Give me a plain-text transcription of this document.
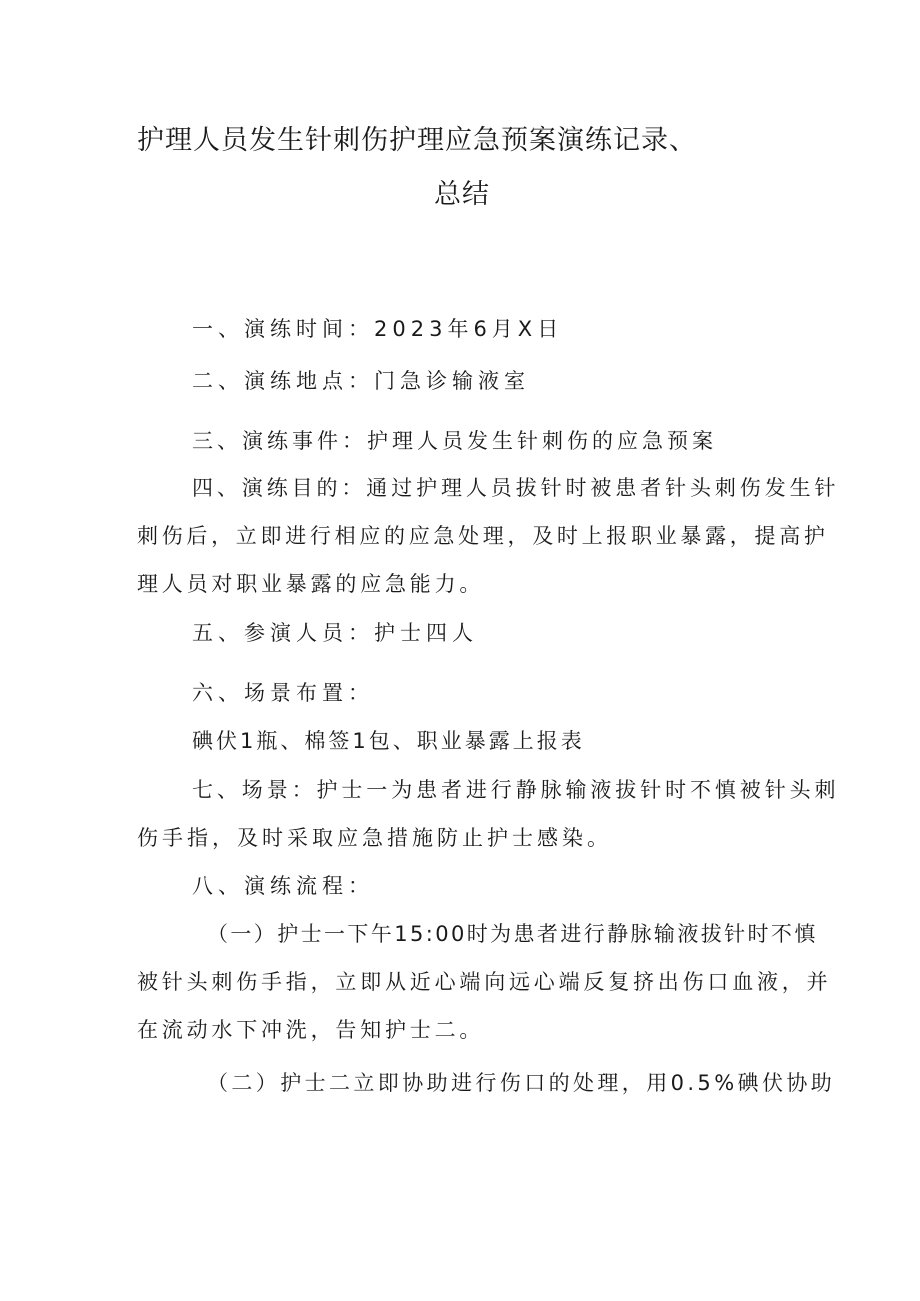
护理人员发生针刺伤护理应急预案演练记录、
总结
一、演练时间：2023年6月X日
二、演练地点：门急诊输液室
三、演练事件：护理人员发生针刺伤的应急预案
四、演练目的：通过护理人员拔针时被患者针头刺伤发生针
刺伤后，立即进行相应的应急处理，及时上报职业暴露，提高护
理人员对职业暴露的应急能力。
五、参演人员：护士四人
六、场景布置：
碘伏1瓶、棉签1包、职业暴露上报表
七、场景：护士一为患者进行静脉输液拔针时不慎被针头刺
伤手指，及时采取应急措施防止护士感染。
八、演练流程：
（一）护士一下午15:00时为患者进行静脉输液拔针时不慎
被针头刺伤手指，立即从近心端向远心端反复挤出伤口血液，并
在流动水下冲洗，告知护士二。
（二）护士二立即协助进行伤口的处理，用0.5%碘伏协助
